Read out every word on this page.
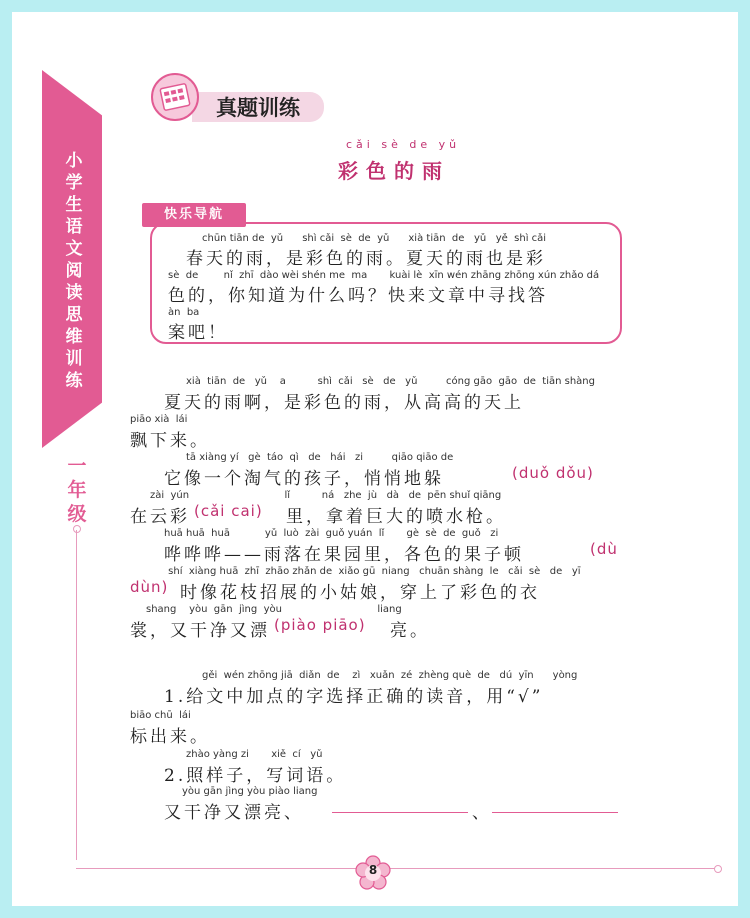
小学生语文阅读思维训练
一年级
真题训练
cǎi sè de yǔ
彩色的雨
快乐导航
chūn tiān de  yǔ      shì cǎi  sè  de  yǔ      xià tiān  de   yǔ   yě  shì cǎi
春天的雨，是彩色的雨。夏天的雨也是彩
sè  de        nǐ  zhī  dào wèi shén me  ma       kuài lè  xīn wén zhāng zhōng xún zhǎo dá
色的，你知道为什么吗？快来文章中寻找答
àn  ba
案吧！
xià  tiān  de   yǔ    a          shì  cǎi   sè   de   yǔ         cóng gāo  gāo  de  tiān shàng
夏天的雨啊，是彩色的雨，从高高的天上
piāo xià  lái
飘下来。
tā xiàng yí   gè  táo  qì   de   hái   zi         qiāo qiāo de
它像一个淘气的孩子，悄悄地躲	(duǒ dǒu)
zài  yún                              lǐ          ná   zhe  jù   dà   de  pēn shuǐ qiāng
在云彩 (cǎi cai) 里，拿着巨大的喷水枪。
huā huā  huā           yǔ  luò  zài  guǒ yuán  lǐ       gè  sè  de  guǒ   zi
哗哗哗——雨落在果园里，各色的果子顿	(dù
shí  xiàng huā  zhī  zhāo zhǎn de  xiǎo gū  niang   chuān shàng  le   cǎi  sè   de   yī
dùn) 时像花枝招展的小姑娘，穿上了彩色的衣
shang    yòu  gān  jìng  yòu                              liang
裳，又干净又漂 (piào piāo) 亮。
gěi  wén zhōng jiā  diǎn  de    zì   xuǎn  zé  zhèng què  de   dú  yīn      yòng
1.给文中加点的字选择正确的读音，用“√”
biāo chū  lái
标出来。
zhào yàng zi       xiě  cí   yǔ
2.照样子，写词语。
yòu gān jìng yòu piào liang
又干净又漂亮、	、
8
